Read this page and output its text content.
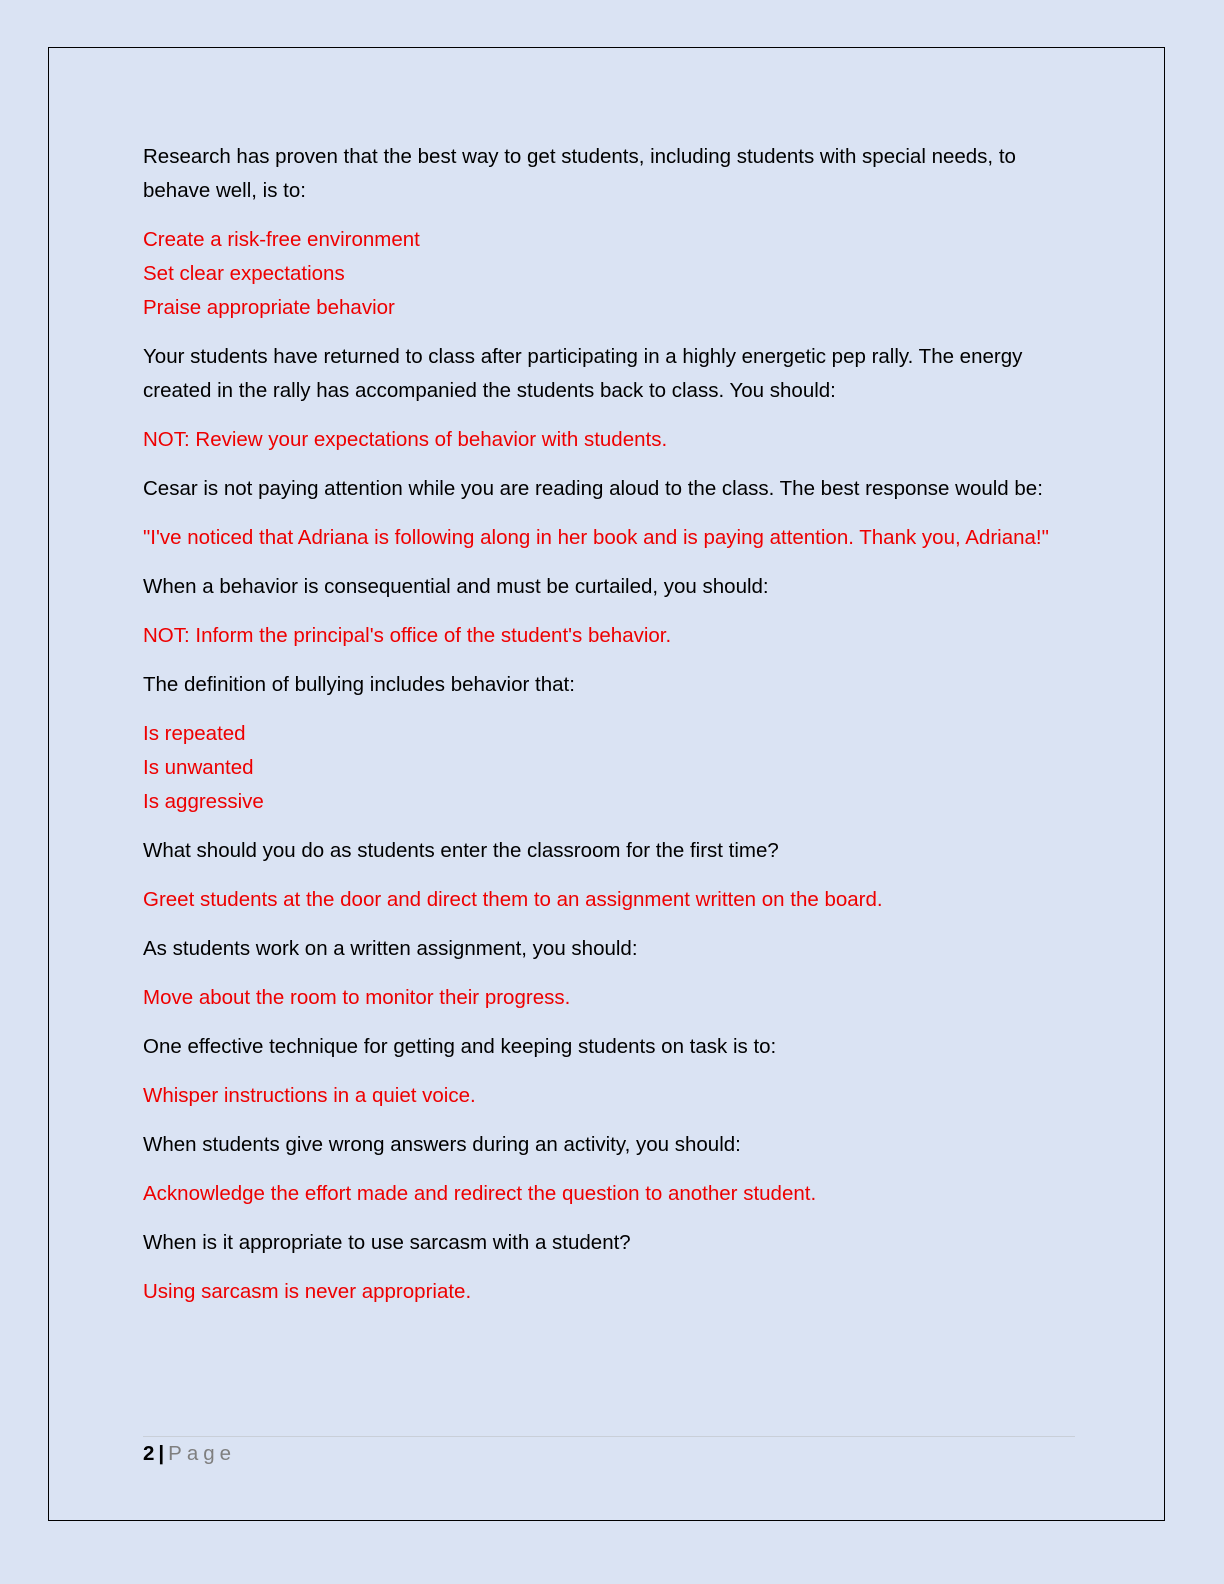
Research has proven that the best way to get students, including students with special needs, to behave well, is to:

Create a risk-free environment

Set clear expectations

Praise appropriate behavior

Your students have returned to class after participating in a highly energetic pep rally. The energy created in the rally has accompanied the students back to class. You should:

NOT: Review your expectations of behavior with students.

Cesar is not paying attention while you are reading aloud to the class. The best response would be:

"I've noticed that Adriana is following along in her book and is paying attention. Thank you, Adriana!"

When a behavior is consequential and must be curtailed, you should:

NOT: Inform the principal's office of the student's behavior.

The definition of bullying includes behavior that:

Is repeated

Is unwanted

Is aggressive

What should you do as students enter the classroom for the first time?

Greet students at the door and direct them to an assignment written on the board.

As students work on a written assignment, you should:

Move about the room to monitor their progress.

One effective technique for getting and keeping students on task is to:

Whisper instructions in a quiet voice.

When students give wrong answers during an activity, you should:

Acknowledge the effort made and redirect the question to another student.

When is it appropriate to use sarcasm with a student?

Using sarcasm is never appropriate.

2 | Page
